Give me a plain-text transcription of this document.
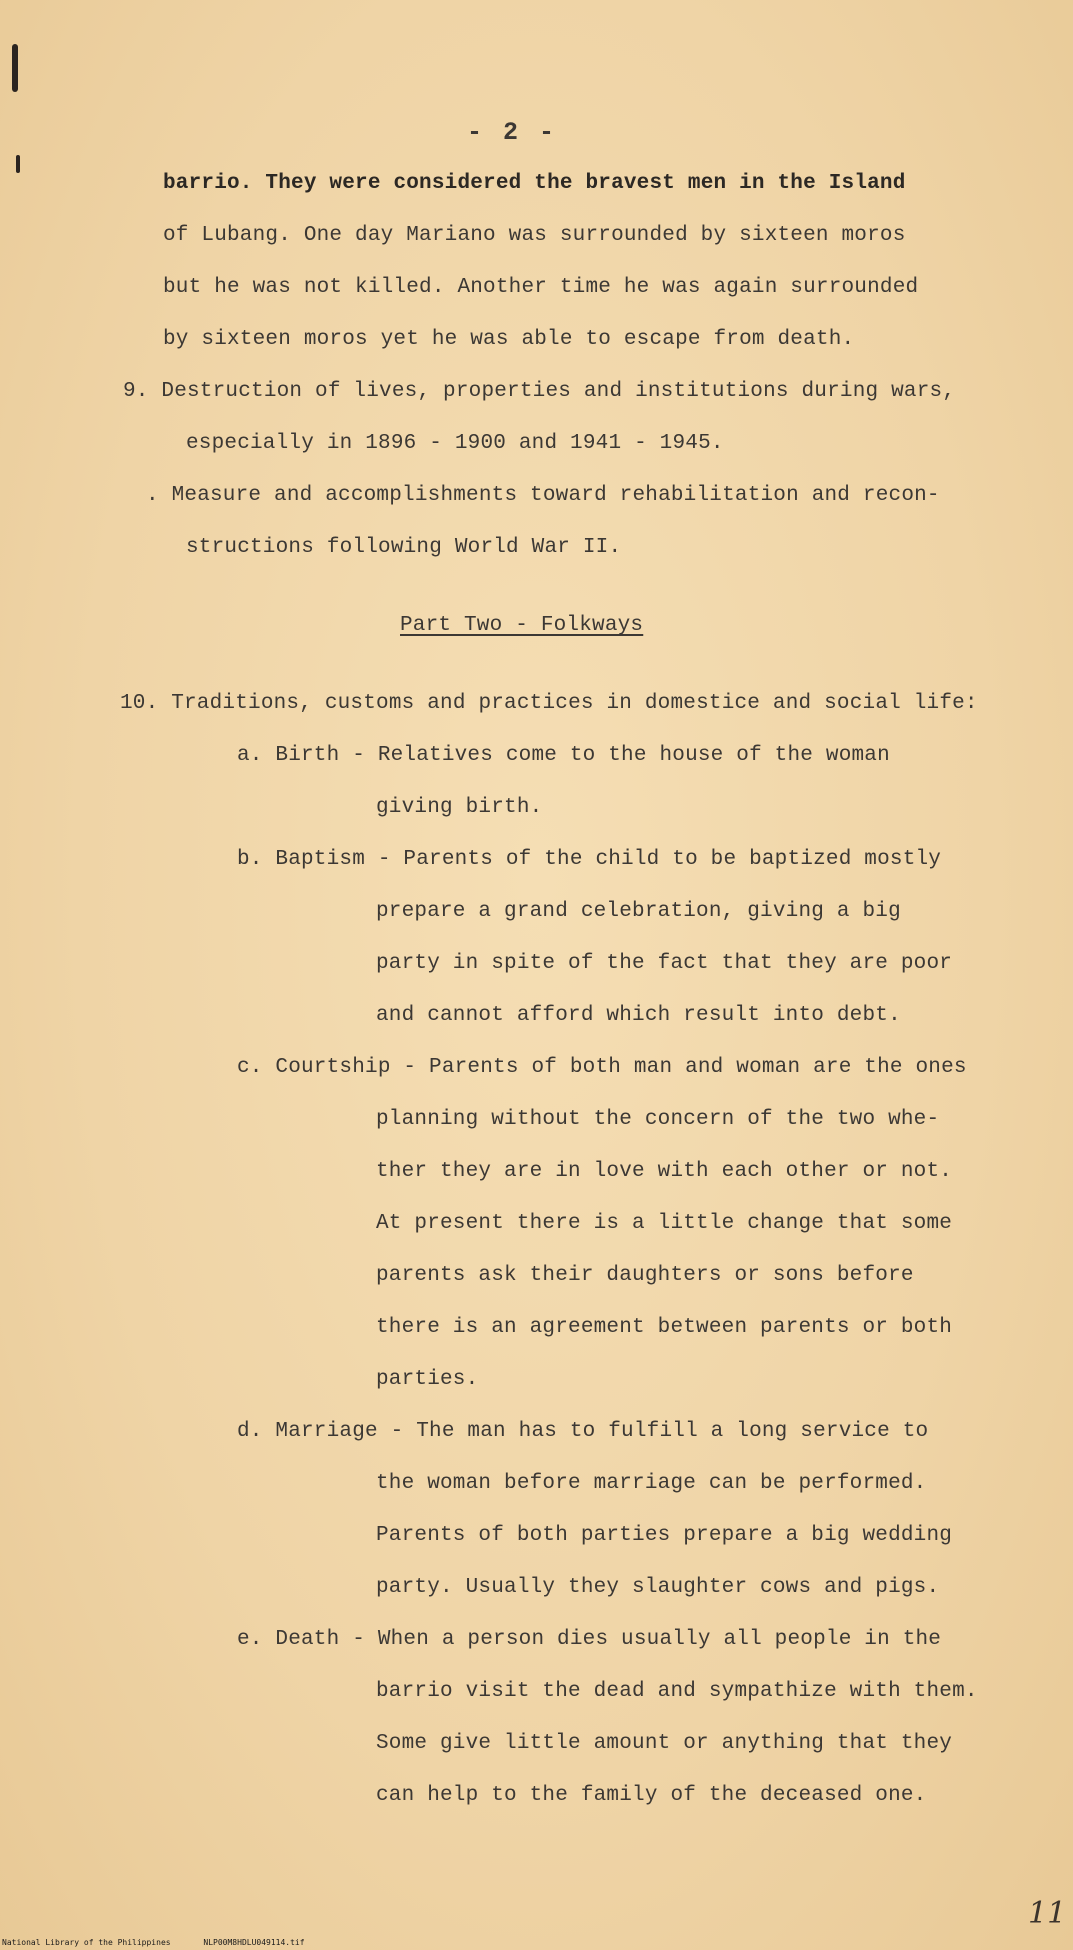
- 2 -
barrio. They were considered the bravest men in the Island
of Lubang. One day Mariano was surrounded by sixteen moros
but he was not killed. Another time he was again surrounded
by sixteen moros yet he was able to escape from death.
9. Destruction of lives, properties and institutions during wars,
especially in 1896 - 1900 and 1941 - 1945.
. Measure and accomplishments toward rehabilitation and recon-
structions following World War II.
Part Two - Folkways
10. Traditions, customs and practices in domestice and social life:
a. Birth - Relatives come to the house of the woman
giving birth.
b. Baptism - Parents of the child to be baptized mostly
prepare a grand celebration, giving a big
party in spite of the fact that they are poor
and cannot afford which result into debt.
c. Courtship - Parents of both man and woman are the ones
planning without the concern of the two whe-
ther they are in love with each other or not.
At present there is a little change that some
parents ask their daughters or sons before
there is an agreement between parents or both
parties.
d. Marriage - The man has to fulfill a long service to
the woman before marriage can be performed.
Parents of both parties prepare a big wedding
party. Usually they slaughter cows and pigs.
e. Death - When a person dies usually all people in the
barrio visit the dead and sympathize with them.
Some give little amount or anything that they
can help to the family of the deceased one.
11
National Library of the Philippines	NLP00M8HDLU049114.tif
